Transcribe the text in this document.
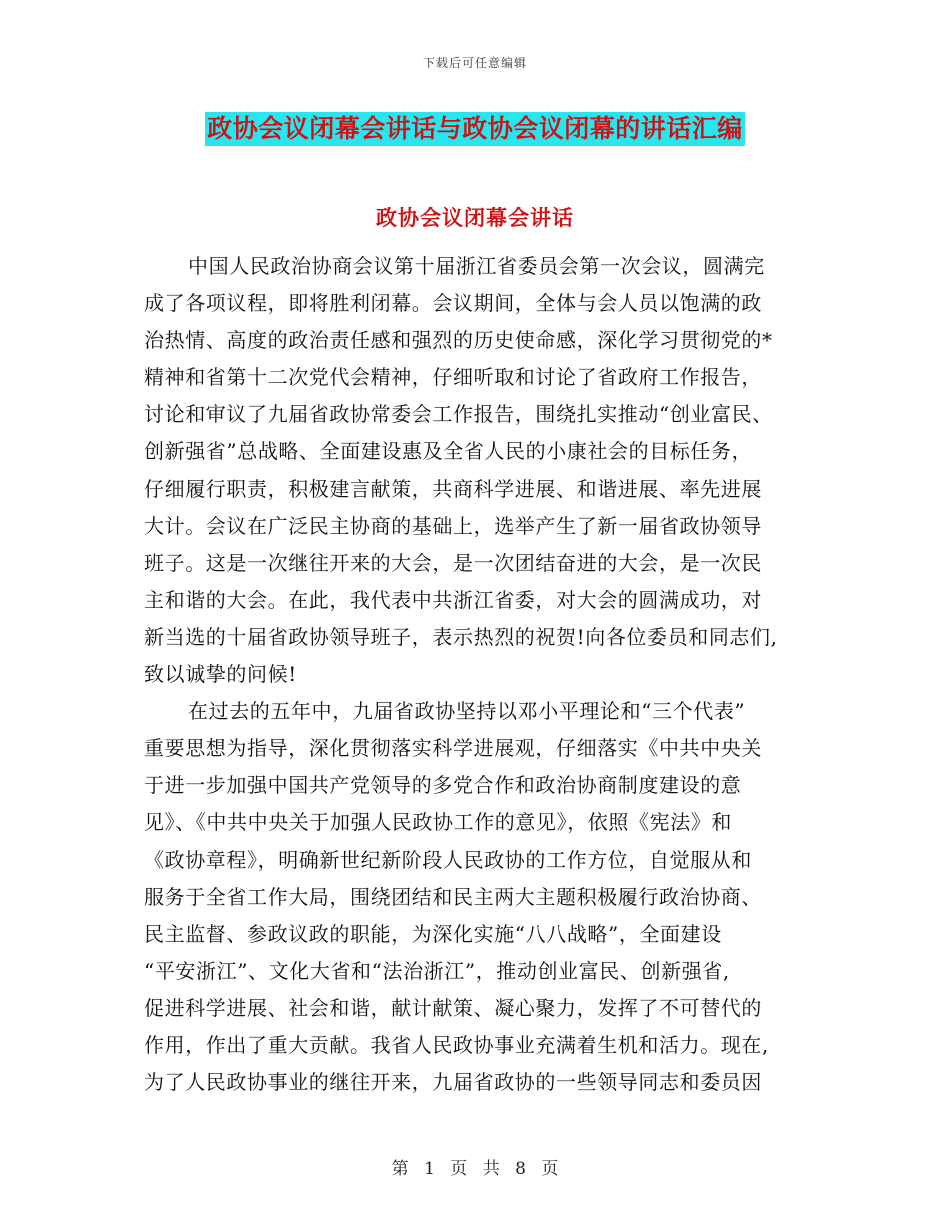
下载后可任意编辑
政协会议闭幕会讲话与政协会议闭幕的讲话汇编
政协会议闭幕会讲话
中国人民政治协商会议第十届浙江省委员会第一次会议，圆满完
成了各项议程，即将胜利闭幕。会议期间，全体与会人员以饱满的政
治热情、高度的政治责任感和强烈的历史使命感，深化学习贯彻党的*
精神和省第十二次党代会精神，仔细听取和讨论了省政府工作报告，
讨论和审议了九届省政协常委会工作报告，围绕扎实推动“创业富民、
创新强省”总战略、全面建设惠及全省人民的小康社会的目标任务，
仔细履行职责，积极建言献策，共商科学进展、和谐进展、率先进展
大计。会议在广泛民主协商的基础上，选举产生了新一届省政协领导
班子。这是一次继往开来的大会，是一次团结奋进的大会，是一次民
主和谐的大会。在此，我代表中共浙江省委，对大会的圆满成功，对
新当选的十届省政协领导班子，表示热烈的祝贺!向各位委员和同志们,
致以诚挚的问候!
在过去的五年中，九届省政协坚持以邓小平理论和“三个代表”
重要思想为指导，深化贯彻落实科学进展观，仔细落实《中共中央关
于进一步加强中国共产党领导的多党合作和政治协商制度建设的意
见》、《中共中央关于加强人民政协工作的意见》，依照《宪法》和
《政协章程》，明确新世纪新阶段人民政协的工作方位，自觉服从和
服务于全省工作大局，围绕团结和民主两大主题积极履行政治协商、
民主监督、参政议政的职能，为深化实施“八八战略”，全面建设
“平安浙江”、文化大省和“法治浙江”，推动创业富民、创新强省,
促进科学进展、社会和谐，献计献策、凝心聚力，发挥了不可替代的
作用，作出了重大贡献。我省人民政协事业充满着生机和活力。现在,
为了人民政协事业的继往开来，九届省政协的一些领导同志和委员因
第 1 页 共 8 页
